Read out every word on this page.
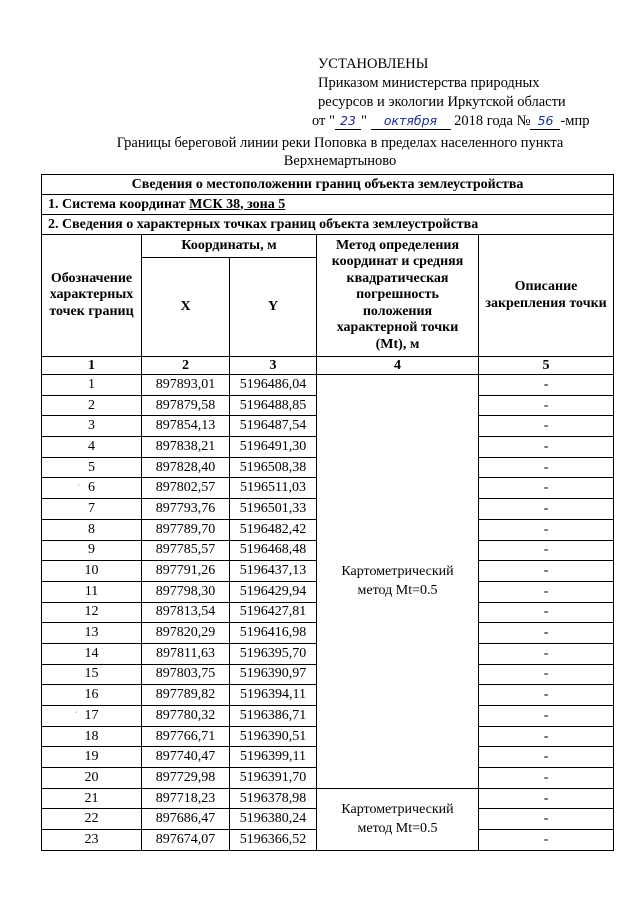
УСТАНОВЛЕНЫ
Приказом министерства природных
ресурсов и экологии Иркутской области
от " 23 " октября 2018 года № 56 -мпр
Границы береговой линии реки Поповка в пределах населенного пункта
Верхнемартыново
Сведения о местоположении границ объекта землеустройства				
1. Система координат МСК 38, зона 5				
2. Сведения о характерных точках границ объекта землеустройства				
Обозначение характерных точек границ	Координаты, м		Метод определения координат и средняя квадратическая погрешность положения характерной точки (Mt), м	Описание закрепления точки
	X	Y		
1	2	3	4	5
1	897893,01	5196486,04	Картометрический метод Mt=0.5	-
2	897879,58	5196488,85		-
3	897854,13	5196487,54		-
4	897838,21	5196491,30		-
5	897828,40	5196508,38		-
6	897802,57	5196511,03		-
7	897793,76	5196501,33		-
8	897789,70	5196482,42		-
9	897785,57	5196468,48		-
10	897791,26	5196437,13		-
11	897798,30	5196429,94		-
12	897813,54	5196427,81		-
13	897820,29	5196416,98		-
14	897811,63	5196395,70		-
15	897803,75	5196390,97		-
16	897789,82	5196394,11		-
17	897780,32	5196386,71		-
18	897766,71	5196390,51		-
19	897740,47	5196399,11		-
20	897729,98	5196391,70		-
21	897718,23	5196378,98	Картометрический метод Mt=0.5	-
22	897686,47	5196380,24		-
23	897674,07	5196366,52		-
ˊ
ˊ
